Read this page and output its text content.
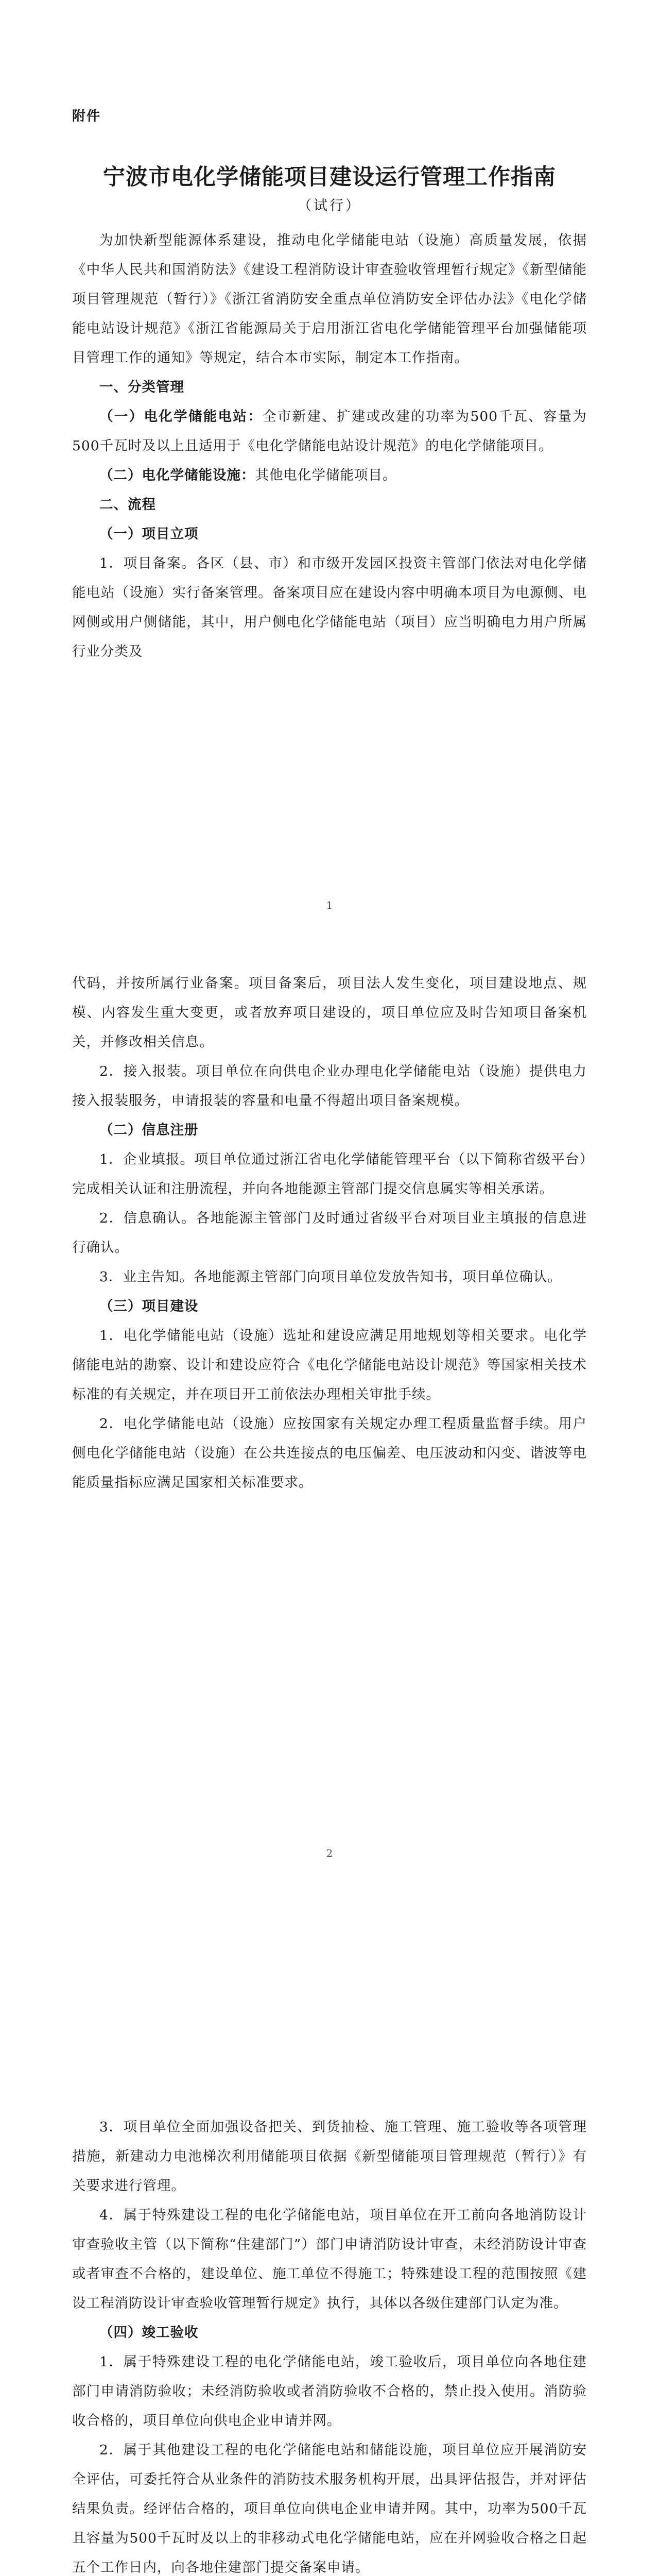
附件
宁波市电化学储能项目建设运行管理工作指南
（试行）

为加快新型能源体系建设，推动电化学储能电站（设施）高质量发展，依据《中华人民共和国消防法》《建设工程消防设计审查验收管理暂行规定》《新型储能项目管理规范（暂行）》《浙江省消防安全重点单位消防安全评估办法》《电化学储能电站设计规范》《浙江省能源局关于启用浙江省电化学储能管理平台加强储能项目管理工作的通知》等规定，结合本市实际，制定本工作指南。

一、分类管理

（一）电化学储能电站：全市新建、扩建或改建的功率为500千瓦、容量为500千瓦时及以上且适用于《电化学储能电站设计规范》的电化学储能项目。

（二）电化学储能设施：其他电化学储能项目。

二、流程
（一）项目立项

1．项目备案。各区（县、市）和市级开发园区投资主管部门依法对电化学储能电站（设施）实行备案管理。备案项目应在建设内容中明确本项目为电源侧、电网侧或用户侧储能，其中，用户侧电化学储能电站（项目）应当明确电力用户所属行业分类及

1

代码，并按所属行业备案。项目备案后，项目法人发生变化，项目建设地点、规模、内容发生重大变更，或者放弃项目建设的，项目单位应及时告知项目备案机关，并修改相关信息。

2．接入报装。项目单位在向供电企业办理电化学储能电站（设施）提供电力接入报装服务，申请报装的容量和电量不得超出项目备案规模。

（二）信息注册

1．企业填报。项目单位通过浙江省电化学储能管理平台（以下简称省级平台）完成相关认证和注册流程，并向各地能源主管部门提交信息属实等相关承诺。

2．信息确认。各地能源主管部门及时通过省级平台对项目业主填报的信息进行确认。

3．业主告知。各地能源主管部门向项目单位发放告知书，项目单位确认。

（三）项目建设

1．电化学储能电站（设施）选址和建设应满足用地规划等相关要求。电化学储能电站的勘察、设计和建设应符合《电化学储能电站设计规范》等国家相关技术标准的有关规定，并在项目开工前依法办理相关审批手续。

2．电化学储能电站（设施）应按国家有关规定办理工程质量监督手续。用户侧电化学储能电站（设施）在公共连接点的电压偏差、电压波动和闪变、谐波等电能质量指标应满足国家相关标准要求。

2

3．项目单位全面加强设备把关、到货抽检、施工管理、施工验收等各项管理措施，新建动力电池梯次利用储能项目依据《新型储能项目管理规范（暂行）》有关要求进行管理。

4．属于特殊建设工程的电化学储能电站，项目单位在开工前向各地消防设计审查验收主管（以下简称“住建部门”）部门申请消防设计审查，未经消防设计审查或者审查不合格的，建设单位、施工单位不得施工；特殊建设工程的范围按照《建设工程消防设计审查验收管理暂行规定》执行，具体以各级住建部门认定为准。

（四）竣工验收

1．属于特殊建设工程的电化学储能电站，竣工验收后，项目单位向各地住建部门申请消防验收；未经消防验收或者消防验收不合格的，禁止投入使用。消防验收合格的，项目单位向供电企业申请并网。

2．属于其他建设工程的电化学储能电站和储能设施，项目单位应开展消防安全评估，可委托符合从业条件的消防技术服务机构开展，出具评估报告，并对评估结果负责。经评估合格的，项目单位向供电企业申请并网。其中，功率为500千瓦且容量为500千瓦时及以上的非移动式电化学储能电站，应在并网验收合格之日起五个工作日内，向各地住建部门提交备案申请。
